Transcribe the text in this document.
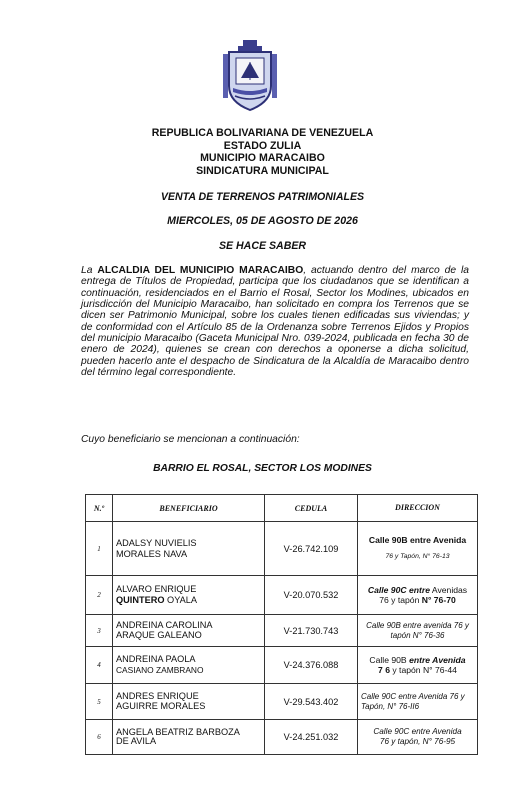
REPUBLICA BOLIVARIANA DE VENEZUELA
ESTADO ZULIA
MUNICIPIO MARACAIBO
SINDICATURA MUNICIPAL
VENTA DE TERRENOS PATRIMONIALES
MIERCOLES, 05 DE AGOSTO DE 2026
SE HACE SABER

La ALCALDIA DEL MUNICIPIO MARACAIBO, actuando dentro del marco de la entrega de Títulos de Propiedad, participa que los ciudadanos que se identifican a continuación, residenciados en el Barrio el Rosal, Sector los Modines, ubicados en jurisdicción del Municipio Maracaibo, han solicitado en compra los Terrenos que se dicen ser Patrimonio Municipal, sobre los cuales tienen edificadas sus viviendas; y de conformidad con el Artículo 85 de la Ordenanza sobre Terrenos Ejidos y Propios del municipio Maracaibo (Gaceta Municipal Nro. 039-2024, publicada en fecha 30 de enero de 2024), quienes se crean con derechos a oponerse a dicha solicitud, pueden hacerlo ante el despacho de Sindicatura de la Alcaldía de Maracaibo dentro del término legal correspondiente.

Cuyo beneficiario se mencionan a continuación:
BARRIO EL ROSAL, SECTOR LOS MODINES
N.º	BENEFICIARIO	CEDULA	DIRECCION
1	ADALSY NUVIELIS
MORALES NAVA	V-26.742.109	Calle 90B entre Avenida
76 y Tapón, N° 76-13

2	ALVARO ENRIQUE
QUINTERO OYALA	V-20.070.532	Calle 90C entre Avenidas
76 y tapón N° 76-70
3	ANDREINA CAROLINA
ARAQUE GALEANO	V-21.730.743	Calle 90B entre avenida 76 y
tapón N° 76-36
4	ANDREINA PAOLA
CASIANO ZAMBRANO	V-24.376.088	Calle 90B entre Avenida
7 6 y tapón N° 76-44
5	ANDRES ENRIQUE
AGUIRRE MORALES	V-29.543.402	Calle 90C entre Avenida 76 y
Tapón, N° 76-II6
6	ANGELA BEATRIZ BARBOZA
DE AVILA	V-24.251.032	Calle 90C entre Avenida
76 y tapón, N° 76-95
